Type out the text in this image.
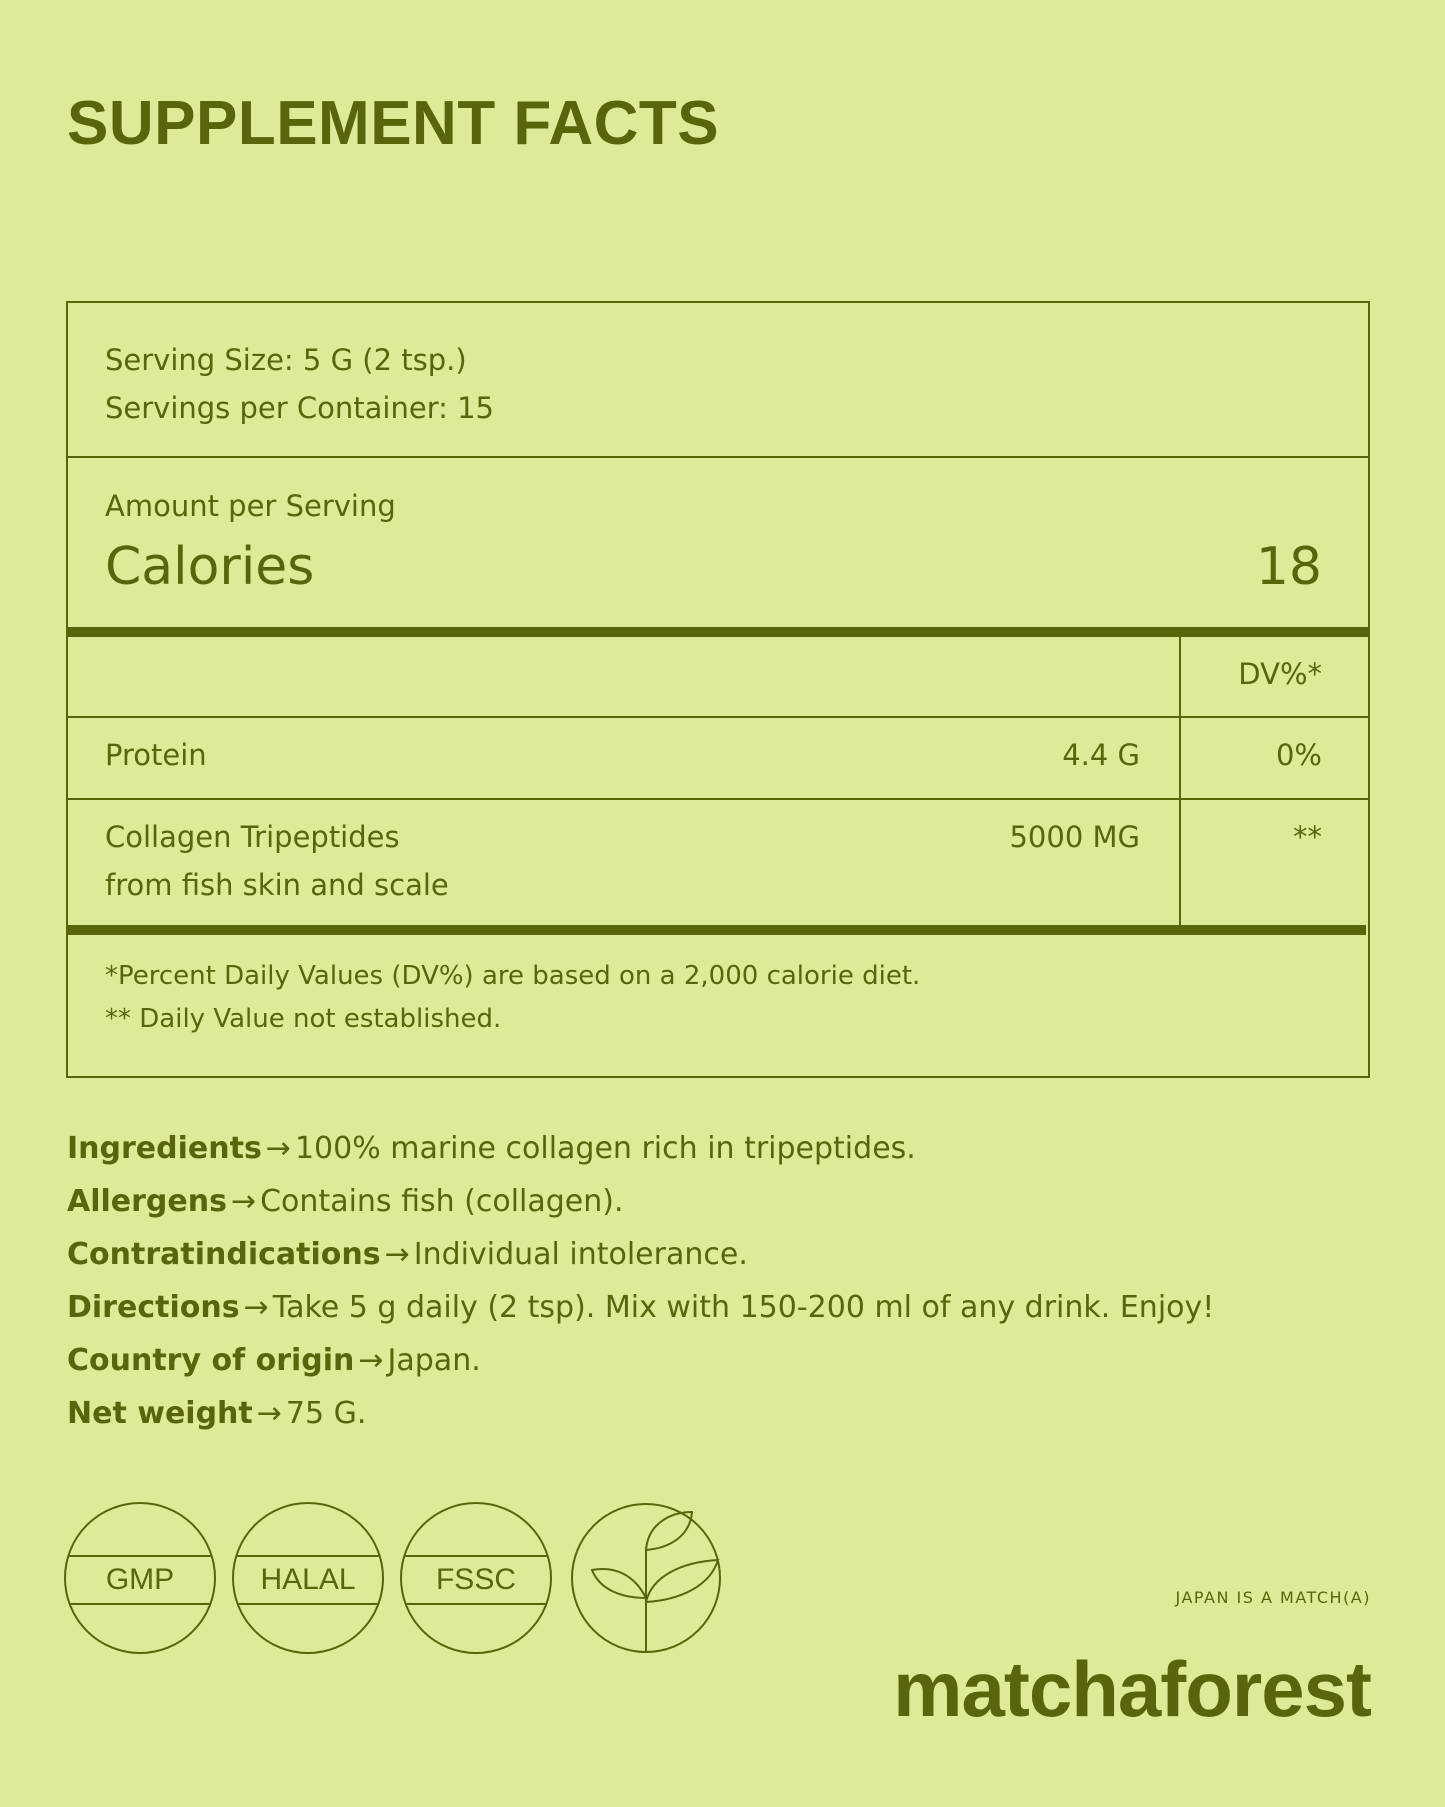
SUPPLEMENT FACTS
Serving Size: 5 G (2 tsp.)
Servings per Container: 15
Amount per Serving
Calories	18
DV%*
Protein	4.4 G	0%
Collagen Tripeptides
from fish skin and scale
5000 MG	**
*Percent Daily Values (DV%) are based on a 2,000 calorie diet.
** Daily Value not established.
Ingredients → 100% marine collagen rich in tripeptides.
Allergens → Contains fish (collagen).
Contratindications → Individual intolerance.
Directions → Take 5 g daily (2 tsp). Mix with 150-200 ml of any drink. Enjoy!
Country of origin → Japan.
Net weight → 75 G.
GMP	HALAL	FSSC
JAPAN IS A MATCH(A)
matchaforest
